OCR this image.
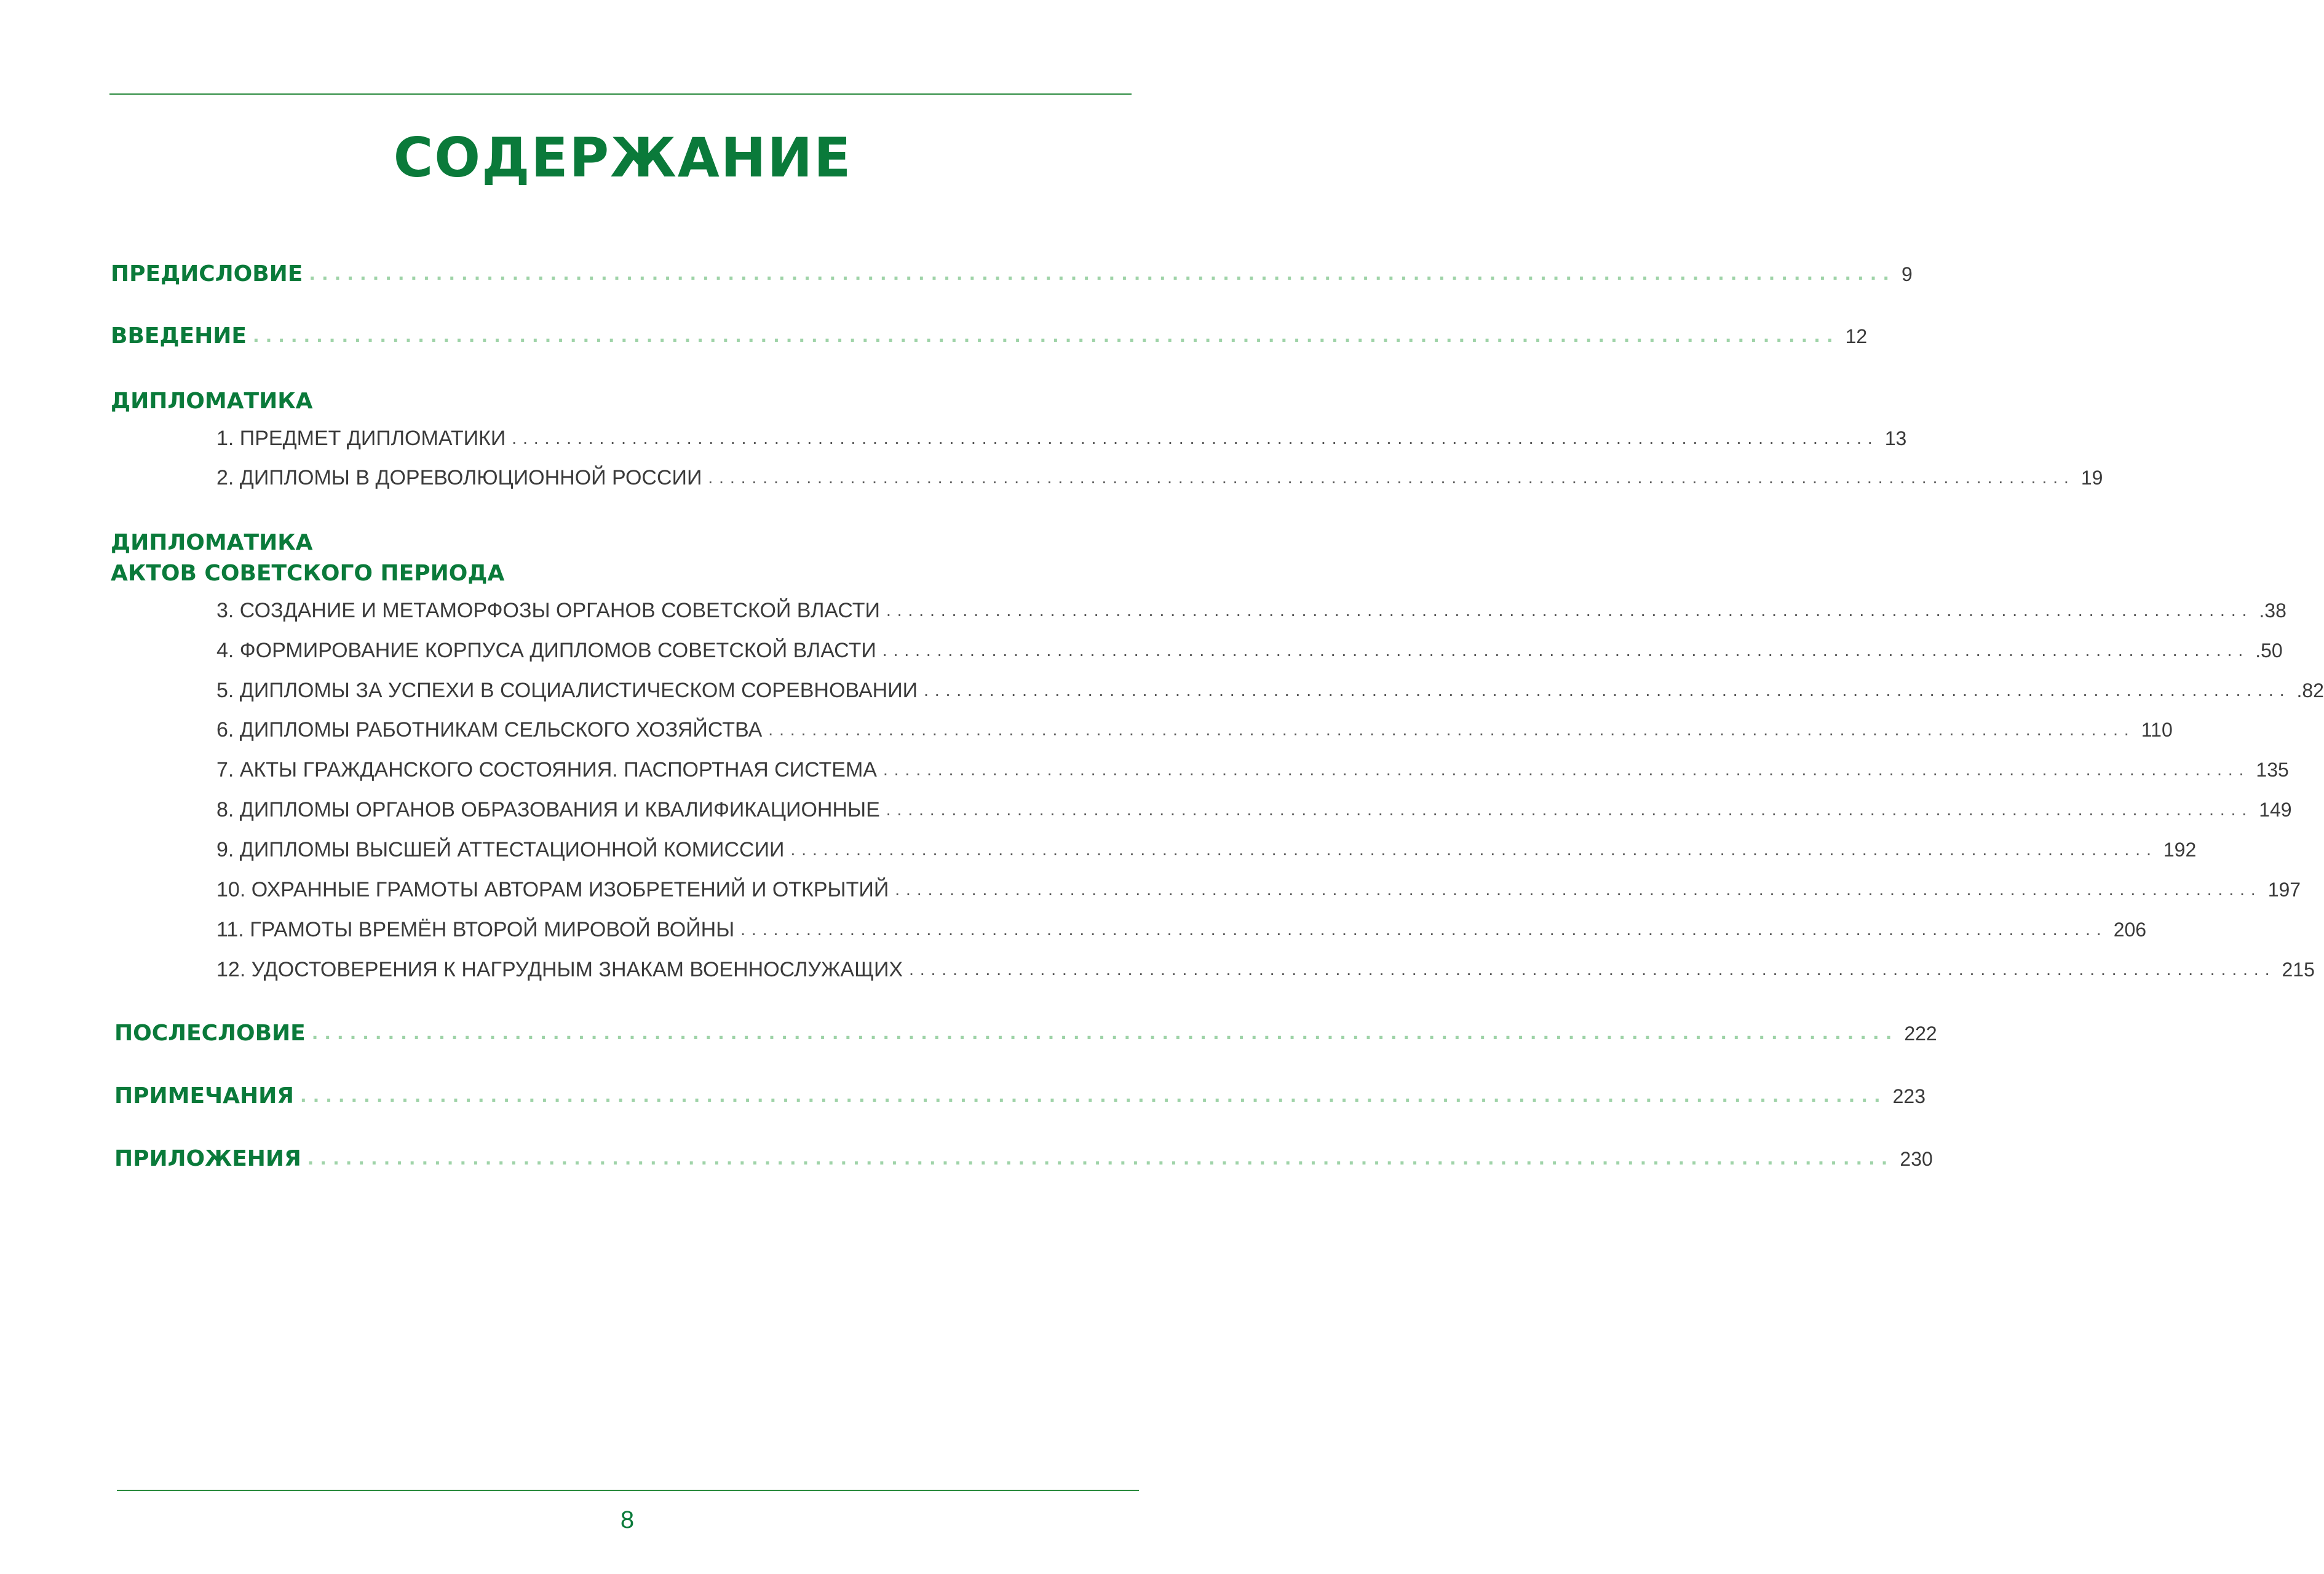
СОДЕРЖАНИЕ
ПРЕДИСЛОВИЕ ............................................................................................................................. 9
ВВЕДЕНИЕ ............................................................................................................................. 12
ДИПЛОМАТИКА
1. ПРЕДМЕТ ДИПЛОМАТИКИ ............................................................................................................................. 13
2. ДИПЛОМЫ В ДОРЕВОЛЮЦИОННОЙ РОССИИ ............................................................................................................................. 19
ДИПЛОМАТИКА
АКТОВ СОВЕТСКОГО ПЕРИОДА
3. СОЗДАНИЕ И МЕТАМОРФОЗЫ ОРГАНОВ СОВЕТСКОЙ ВЛАСТИ ............................................................................................................................. .38
4. ФОРМИРОВАНИЕ КОРПУСА ДИПЛОМОВ СОВЕТСКОЙ ВЛАСТИ ............................................................................................................................. .50
5. ДИПЛОМЫ ЗА УСПЕХИ В СОЦИАЛИСТИЧЕСКОМ СОРЕВНОВАНИИ ............................................................................................................................. .82
6. ДИПЛОМЫ РАБОТНИКАМ СЕЛЬСКОГО ХОЗЯЙСТВА ............................................................................................................................. 110
7. АКТЫ ГРАЖДАНСКОГО СОСТОЯНИЯ. ПАСПОРТНАЯ СИСТЕМА ............................................................................................................................. 135
8. ДИПЛОМЫ ОРГАНОВ ОБРАЗОВАНИЯ И КВАЛИФИКАЦИОННЫЕ ............................................................................................................................. 149
9. ДИПЛОМЫ ВЫСШЕЙ АТТЕСТАЦИОННОЙ КОМИССИИ ............................................................................................................................. 192
10. ОХРАННЫЕ ГРАМОТЫ АВТОРАМ ИЗОБРЕТЕНИЙ И ОТКРЫТИЙ ............................................................................................................................. 197
11. ГРАМОТЫ ВРЕМЁН ВТОРОЙ МИРОВОЙ ВОЙНЫ ............................................................................................................................. 206
12. УДОСТОВЕРЕНИЯ К НАГРУДНЫМ ЗНАКАМ ВОЕННОСЛУЖАЩИХ ............................................................................................................................. 215
ПОСЛЕСЛОВИЕ ............................................................................................................................. 222
ПРИМЕЧАНИЯ ............................................................................................................................. 223
ПРИЛОЖЕНИЯ ............................................................................................................................. 230
8
